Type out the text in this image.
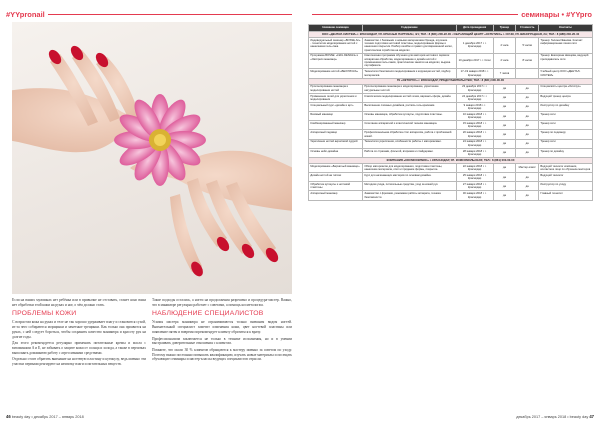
#YYpronail	семинары • #YYpro

Если на ваших мужчинах нет ребёнка или в привычке не отставать, станет ясно ваша нет обработки этой кожи на руках и ног, о чём должно стать.

ПРОБЛЕМЫ КОЖИ

С возрастом кожа на руках и теле не так хорошо удерживает влагу и становится сухой, из-за чего собираются морщинки и заметные трещинки. Как только она проявится на руках, с ней следует бороться, чтобы сохранить качество маникюра и красоту рук на долгие годы.

Для этого рекомендуется регулярно применять питательные кремы и масла с витаминами A и E, не забывать о защите кожи от солнца и холода, а также в перчатках выполнять домашнюю работу с агрессивными средствами.

Отдельно стоит обратить внимание на ногтевую пластину и кутикулу, ведь именно эти участки первыми реагируют на нехватку влаги и питательных веществ.

Такие подходы остались, а ногти на продолжения разрешено и процедура-мастер. Важно, что в маникюре регулярно работает с советами, а помощь косметологам.

НАБЛЮДЕНИЕ СПЕЦИАЛИСТОВ

Усилия мастера маникюра не ограничиваются только внешним видом ногтей. Внимательный специалист заметит изменения кожи, цвет ногтевой пластины или появление пятен и вовремя порекомендует клиенту обратиться к врачу.

Профессионализм заключается не только в технике исполнения, но и в умении выстраивать доверительные отношения с клиентом.

Помните, что около 30 % клиентов обращаются к мастеру именно за советом по уходу. Поэтому важно постоянно повышать квалификацию, изучать новые материалы и посещать обучающие семинары и мастер-классы ведущих специалистов отрасли.

Название семинара	Содержание	Дата проведения	Тренер	Стоимость	Контакты
ООО «ДЕНТАЛ-СИСТЕМ» г. КРАСНОДАР, УЛ. КРАСНЫХ ПАРТИЗАН, 4/1; ТЕЛ.: 8 (861) 200-22-00 • ОБУЧАЮЩИЙ ЦЕНТР «ЭСТЕТИКА» г. СОЧИ, УЛ. ВИНОГРАДНАЯ, 2А; ТЕЛ.: 8 (988) 230-26-40					
Индивидуальный семинар «BOSSE Air» - технология моделирования ногтей с нанесением гель-лака	Знакомство с базовыми и новыми материалами бренда, изучение техники подготовки ногтевой пластины, моделирование формы и нанесения покрытия. Разбор ошибок и правил долговременной носки, практическая отработка на моделях.	1 декабря 2017 г. г. Краснодар	2 часа	5 часов	Тренер: Галина Иванова. Контакт: информационная линия сети
Программа BOSSE: «NAIL DESIGN» и «Экспресс-маникюр»	Комплексная программа обучения для мастеров ногтевого сервиса: аппаратная обработка, моделирование и дизайн ногтей с применением гель-лаков, практические занятия на моделях, выдача сертификата.	10 декабря 2017 г. г. Сочи	2 часа	8 часов	Тренер: Екатерина Немцова, ведущий преподаватель сети
Моделирование ногтей «БЕЗ РИСКА»	Технология безопасного моделирования и коррекции ногтей, подбор материалов.	17–19 января 2018 г. г. Краснодар	7 часов		Учебный центр ООО «ДЕНТАЛ-СИСТЕМ»
ГК «ОКТОПУС» г. КРАСНОДАР, ПРЕДСТАВИТЕЛЬСТВО; ТЕЛ.: 8 (861) 000-00-00					
Пролонгирование маникюра и моделирование ногтей	Пролонгирование маникюра и моделирование, укрепление натуральных ногтей.	23 декабря 2017 г. г. Краснодар	да	да	Специалисты центра «Октопус»
Применение гелей для укрепления и моделирования	Классическое моделирование ногтей гелем, варианты форм, дизайн.	24 декабря 2017 г. г. Краснодар	да	да	Ведущий тренер центра
Специальный курс «дизайн и арт»	Выполнение сложных дизайнов, роспись гель-красками.	9 января 2018 г. г. Краснодар	да	да	Инструктор по дизайну
Базовый маникюр	Основы маникюра, обработка кутикулы, подготовка пластины.	10 января 2018 г. г. Краснодар	да	да	Тренер сети
Комбинированный маникюр	Сочетание аппаратной и классической техники маникюра.	15 января 2018 г. г. Краснодар	да	да	Тренер сети
Аппаратный педикюр	Профессиональная обработка стоп аппаратом, работа с проблемной кожей.	20 января 2018 г. г. Краснодар	да	да	Тренер по педикюру
Укрепление ногтей акриловой пудрой	Технология укрепления, особенности работы с материалами.	24 января 2018 г. г. Краснодар	да	да	Тренер сети
Основы нейл-дизайна	Работа со стразами, фольгой, втирками и слайдерами.	28 января 2018 г. г. Краснодар	да	да	Тренер по дизайну
КОМПАНИЯ «КОСМОСЕРВИС» г. КРАСНОДАР, УЛ. КОМСОМОЛЬСКАЯ; ТЕЛ.: 8 (861) 000-00-00					
Моделирование «Бархатный маникюр»	Обзор материалов для моделирования, подготовка пластины, нанесение материала, опил и придание формы, покрытие.	22 января 2018 г. г. Краснодар	да	Мастер-класс	Ведущий технолог компании, контактное лицо по обучению мастеров
Дизайн ногтей на типсах	Курс для начинающих мастеров по основам дизайна.	25 января 2018 г. г. Краснодар	да	да	Ведущий технолог
Обработка кутикулы и ногтевой пластины	Методики ухода, питательные средства, уход за кожей рук.	27 января 2018 г. г. Краснодар	да	да	Инструктор по уходу
Аппаратный маникюр	Знакомство с фрезами, режимами работы аппарата, техника безопасности.	30 января 2018 г. г. Краснодар	да	да	Главный технолог
46 beauty day • декабрь 2017 – январь 2018	декабрь 2017 – январь 2018 • beauty day 47
